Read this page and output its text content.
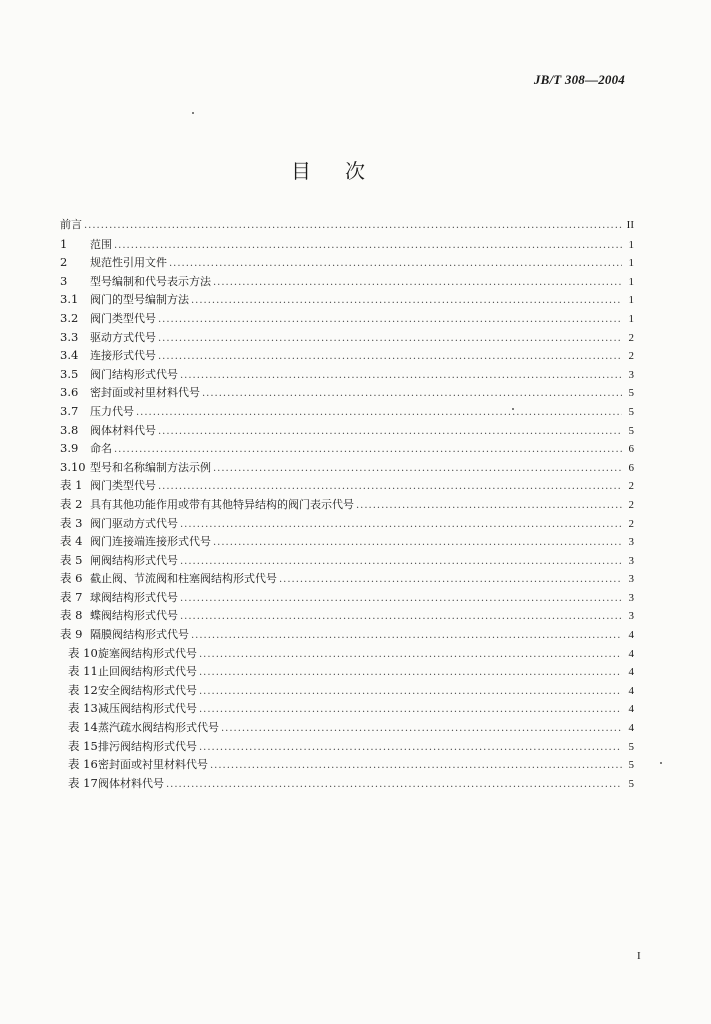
JB/T 308—2004
目次
前言 .....	II
1	范围 .....	1
2	规范性引用文件 .....	1
3	型号编制和代号表示方法 .....	1
3.1	阀门的型号编制方法 .....	1
3.2	阀门类型代号 .....	1
3.3	驱动方式代号 .....	2
3.4	连接形式代号 .....	2
3.5	阀门结构形式代号 .....	3
3.6	密封面或衬里材料代号 .....	5
3.7	压力代号 .....	5
3.8	阀体材料代号 .....	5
3.9	命名 .....	6
3.10 型号和名称编制方法示例 .....	6
表 1 阀门类型代号 .....	2
表 2 具有其他功能作用或带有其他特异结构的阀门表示代号 .....	2
表 3 阀门驱动方式代号 .....	2
表 4 阀门连接端连接形式代号 .....	3
表 5 闸阀结构形式代号 .....	3
表 6 截止阀、节流阀和柱塞阀结构形式代号 .....	3
表 7 球阀结构形式代号 .....	3
表 8 蝶阀结构形式代号 .....	3
表 9 隔膜阀结构形式代号 .....	4
表 10 旋塞阀结构形式代号 .....	4
表 11 止回阀结构形式代号 .....	4
表 12 安全阀结构形式代号 .....	4
表 13 减压阀结构形式代号 .....	4
表 14 蒸汽疏水阀结构形式代号 .....	4
表 15 排污阀结构形式代号 .....	5
表 16 密封面或衬里材料代号 .....	5
表 17 阀体材料代号 .....	5
I
